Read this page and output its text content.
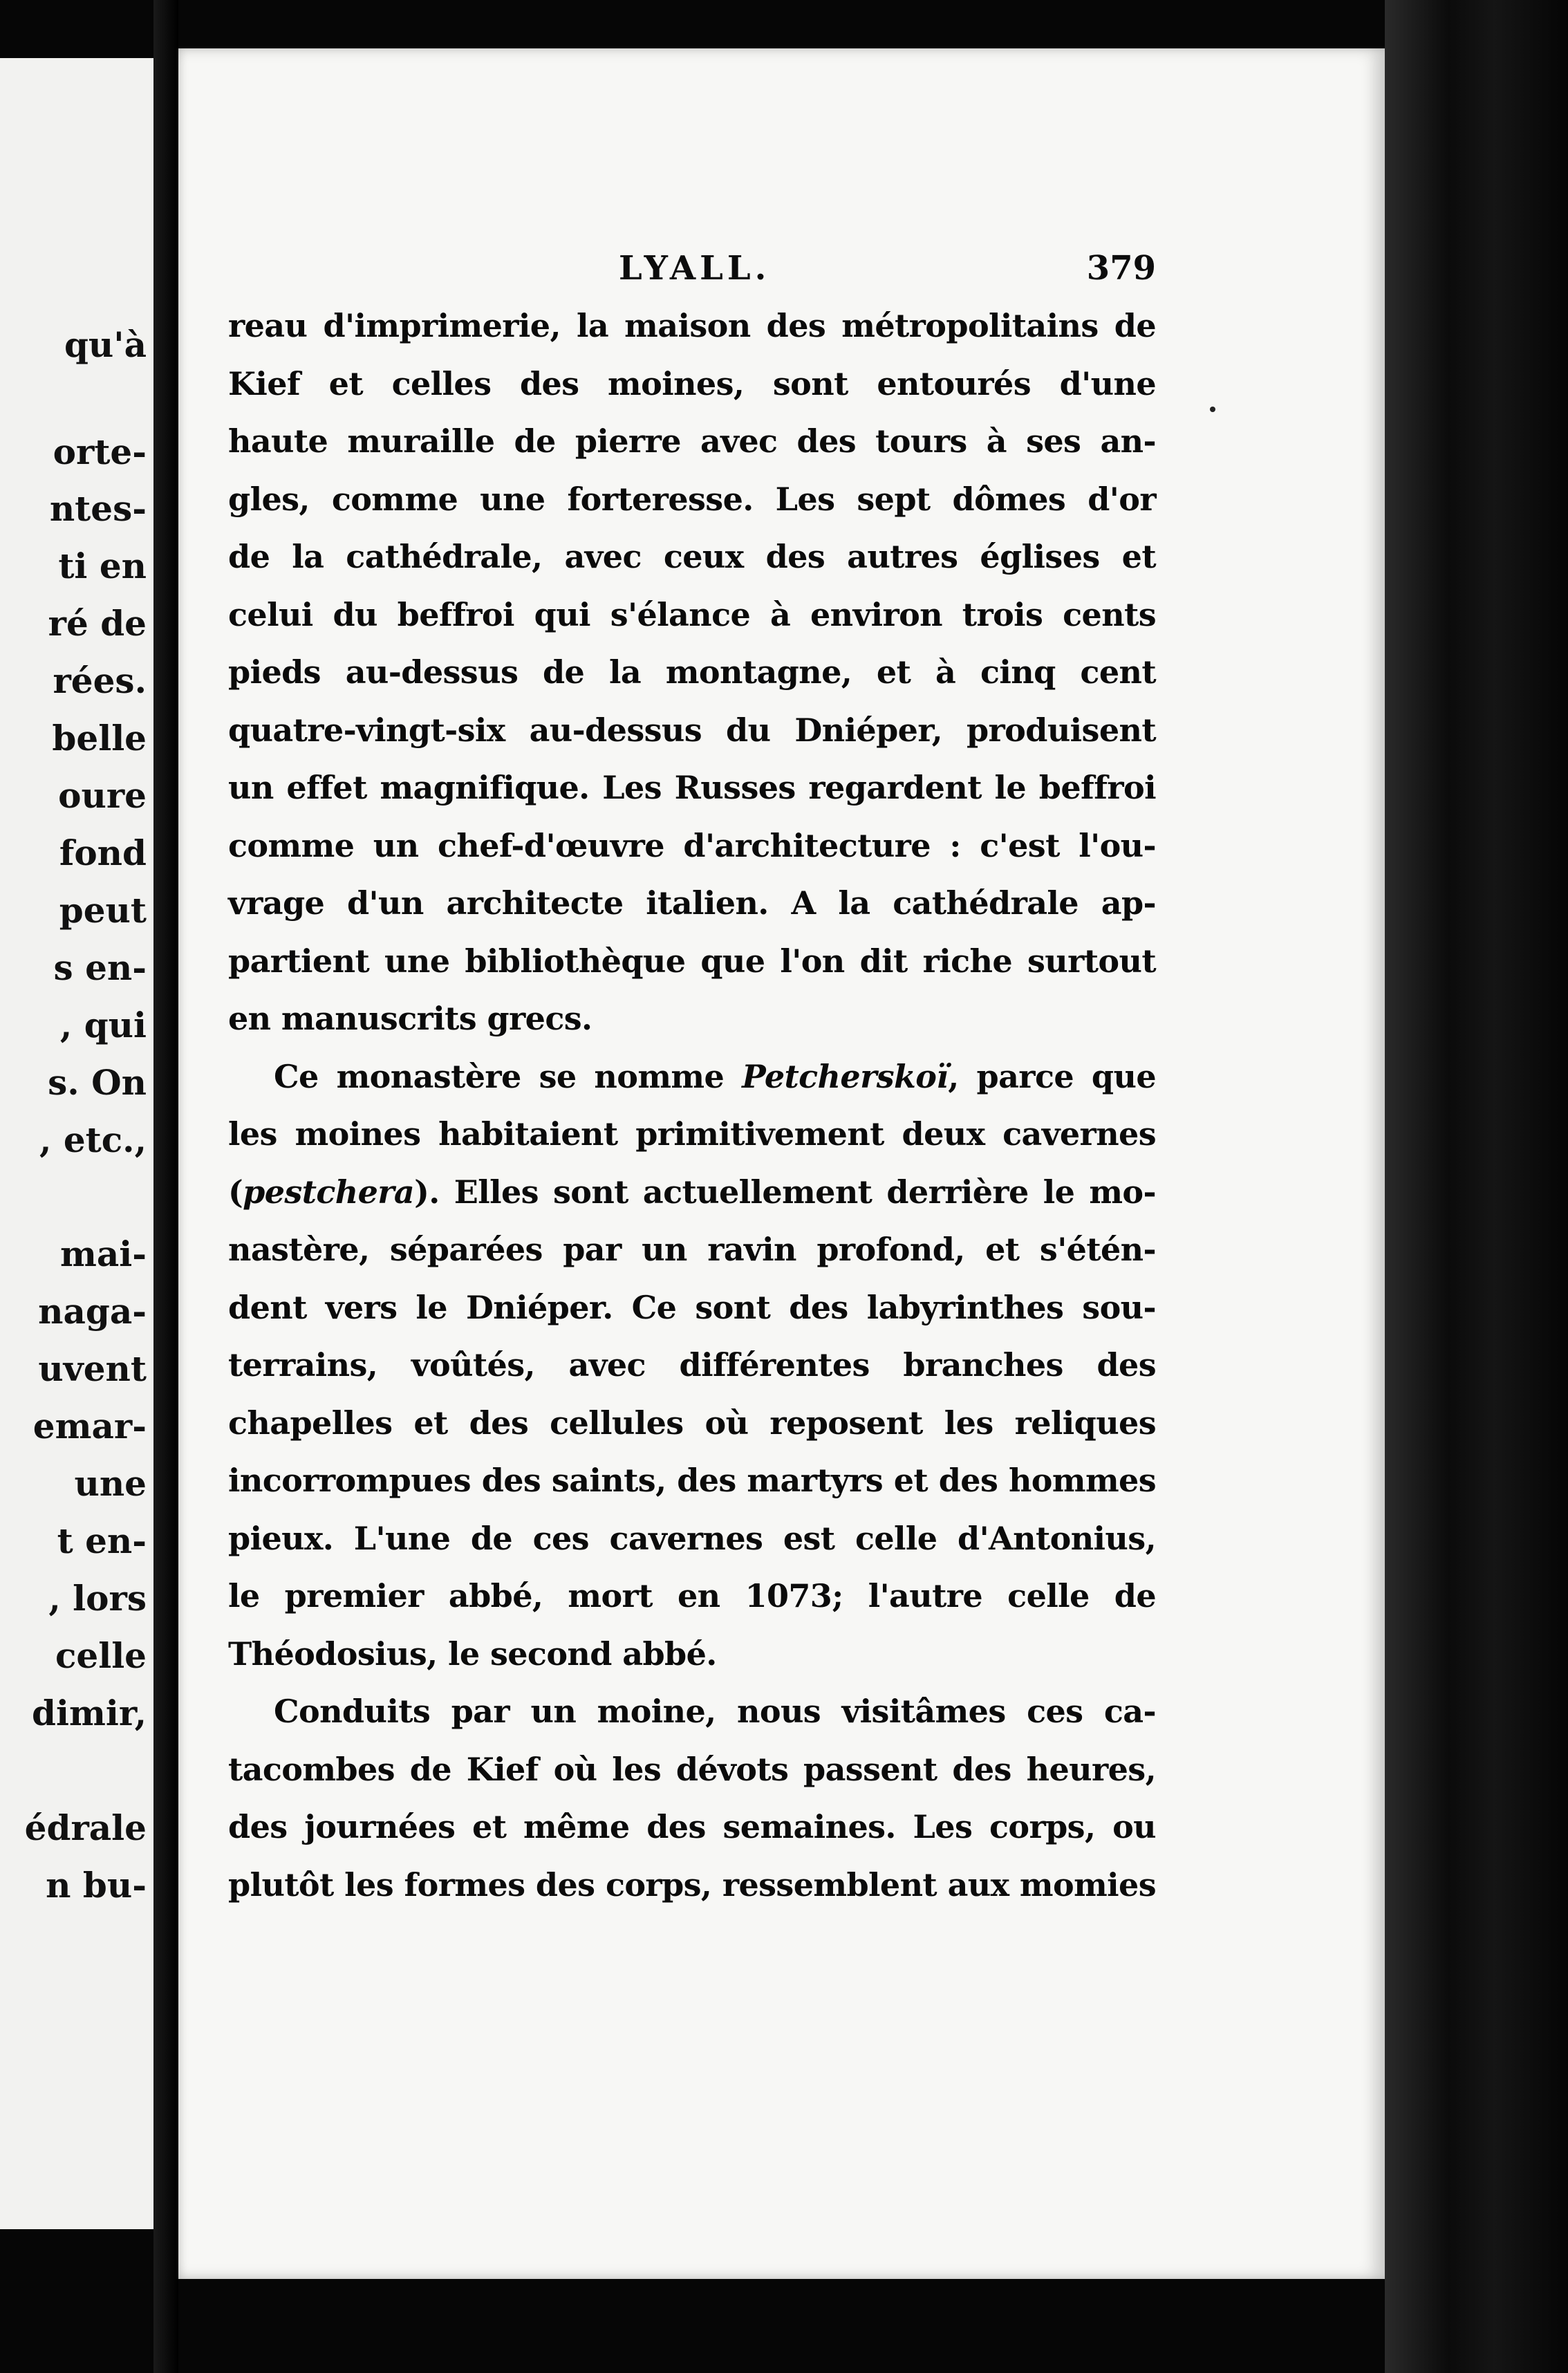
qu'à
orte-
ntes-
ti en
ré de
rées.
belle
oure
fond
peut
s en-
, qui
s. On
, etc.,
mai-
naga-
uvent
emar-
une
t en-
, lors
celle
dimir,
édrale
n bu-
LYALL.	379
reau d'imprimerie, la maison des métropolitains de
Kief et celles des moines, sont entourés d'une
haute muraille de pierre avec des tours à ses an-
gles, comme une forteresse. Les sept dômes d'or
de la cathédrale, avec ceux des autres églises et
celui du beffroi qui s'élance à environ trois cents
pieds au-dessus de la montagne, et à cinq cent
quatre-vingt-six au-dessus du Dniéper, produisent
un effet magnifique. Les Russes regardent le beffroi
comme un chef-d'œuvre d'architecture : c'est l'ou-
vrage d'un architecte italien. A la cathédrale ap-
partient une bibliothèque que l'on dit riche surtout
en manuscrits grecs.
Ce monastère se nomme Petcherskoï, parce que
les moines habitaient primitivement deux cavernes
(pestchera). Elles sont actuellement derrière le mo-
nastère, séparées par un ravin profond, et s'étén-
dent vers le Dniéper. Ce sont des labyrinthes sou-
terrains, voûtés, avec différentes branches des
chapelles et des cellules où reposent les reliques
incorrompues des saints, des martyrs et des hommes
pieux. L'une de ces cavernes est celle d'Antonius,
le premier abbé, mort en 1073; l'autre celle de
Théodosius, le second abbé.
Conduits par un moine, nous visitâmes ces ca-
tacombes de Kief où les dévots passent des heures,
des journées et même des semaines. Les corps, ou
plutôt les formes des corps, ressemblent aux momies
